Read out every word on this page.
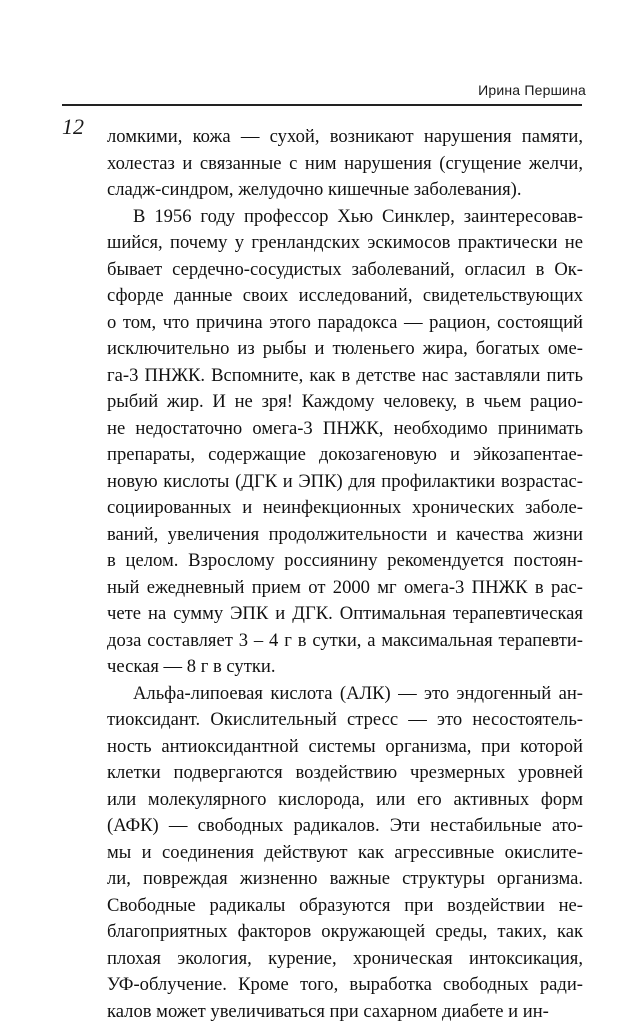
Ирина Першина
12 ломкими, кожа — сухой, возникают нарушения памяти,
холестаз и связанные с ним нарушения (сгущение желчи,
сладж-синдром, желудочно кишечные заболевания).
В 1956 году профессор Хью Синклер, заинтересовав-
шийся, почему у гренландских эскимосов практически не
бывает сердечно-сосудистых заболеваний, огласил в Ок-
сфорде данные своих исследований, свидетельствующих
о том, что причина этого парадокса — рацион, состоящий
исключительно из рыбы и тюленьего жира, богатых оме-
га-3 ПНЖК. Вспомните, как в детстве нас заставляли пить
рыбий жир. И не зря! Каждому человеку, в чьем рацио-
не недостаточно омега-3 ПНЖК, необходимо принимать
препараты, содержащие докозагеновую и эйкозапентае-
новую кислоты (ДГК и ЭПК) для профилактики возрастас-
социированных и неинфекционных хронических заболе-
ваний, увеличения продолжительности и качества жизни
в целом. Взрослому россиянину рекомендуется постоян-
ный ежедневный прием от 2000 мг омега-3 ПНЖК в рас-
чете на сумму ЭПК и ДГК. Оптимальная терапевтическая
доза составляет 3 – 4 г в сутки, а максимальная терапевти-
ческая — 8 г в сутки.
Альфа-липоевая кислота (АЛК) — это эндогенный ан-
тиоксидант. Окислительный стресс — это несостоятель-
ность антиоксидантной системы организма, при которой
клетки подвергаются воздействию чрезмерных уровней
или молекулярного кислорода, или его активных форм
(АФК) — свободных радикалов. Эти нестабильные ато-
мы и соединения действуют как агрессивные окислите-
ли, повреждая жизненно важные структуры организма.
Свободные радикалы образуются при воздействии не-
благоприятных факторов окружающей среды, таких, как
плохая экология, курение, хроническая интоксикация,
УФ-облучение. Кроме того, выработка свободных ради-
калов может увеличиваться при сахарном диабете и ин-
